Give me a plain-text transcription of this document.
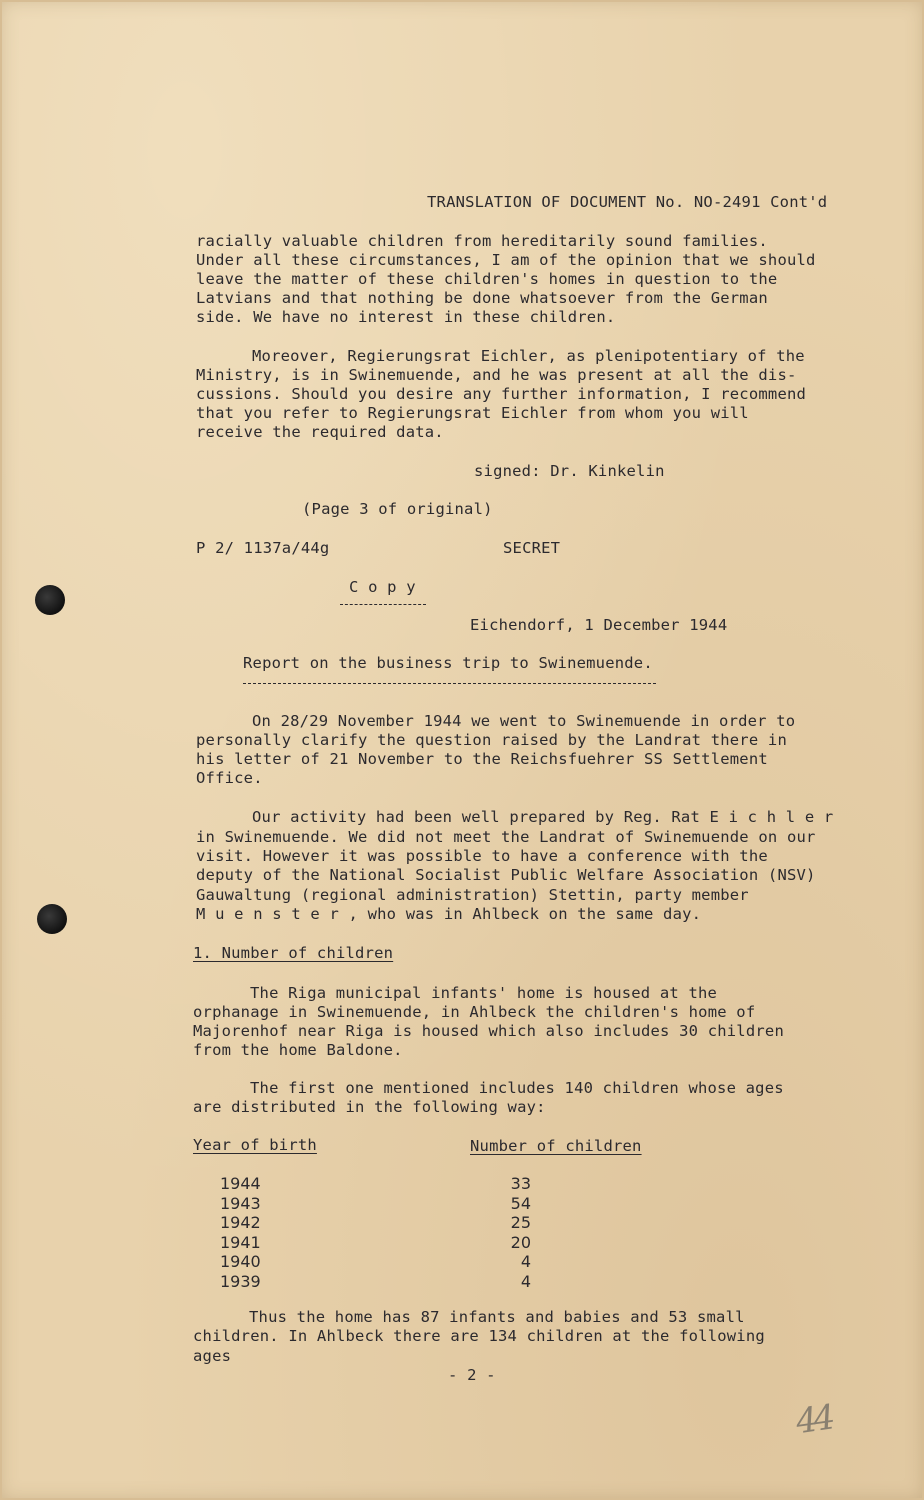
TRANSLATION OF DOCUMENT No. NO-2491 Cont'd
racially valuable children from hereditarily sound families.
Under all these circumstances, I am of the opinion that we should
leave the matter of these children's homes in question to the
Latvians and that nothing be done whatsoever from the German
side. We have no interest in these children.
Moreover, Regierungsrat Eichler, as plenipotentiary of the
Ministry, is in Swinemuende, and he was present at all the dis-
cussions. Should you desire any further information, I recommend
that you refer to Regierungsrat Eichler from whom you will
receive the required data.
signed: Dr. Kinkelin
(Page 3 of original)
P 2/ 1137a/44g	SECRET
C o p y
Eichendorf, 1 December 1944
Report on the business trip to Swinemuende.
On 28/29 November 1944 we went to Swinemuende in order to
personally clarify the question raised by the Landrat there in
his letter of 21 November to the Reichsfuehrer SS Settlement
Office.
Our activity had been well prepared by Reg. Rat E i c h l e r
in Swinemuende. We did not meet the Landrat of Swinemuende on our
visit. However it was possible to have a conference with the
deputy of the National Socialist Public Welfare Association (NSV)
Gauwaltung (regional administration) Stettin, party member
M u e n s t e r , who was in Ahlbeck on the same day.
1. Number of children
The Riga municipal infants' home is housed at the
orphanage in Swinemuende, in Ahlbeck the children's home of
Majorenhof near Riga is housed which also includes 30 children
from the home Baldone.
The first one mentioned includes 140 children whose ages
are distributed in the following way:
Year of birth	Number of children
1944
1943
1942
1941
1940
1939
33
54
25
20
4
4
Thus the home has 87 infants and babies and 53 small
children. In Ahlbeck there are 134 children at the following
ages
- 2 -
44
